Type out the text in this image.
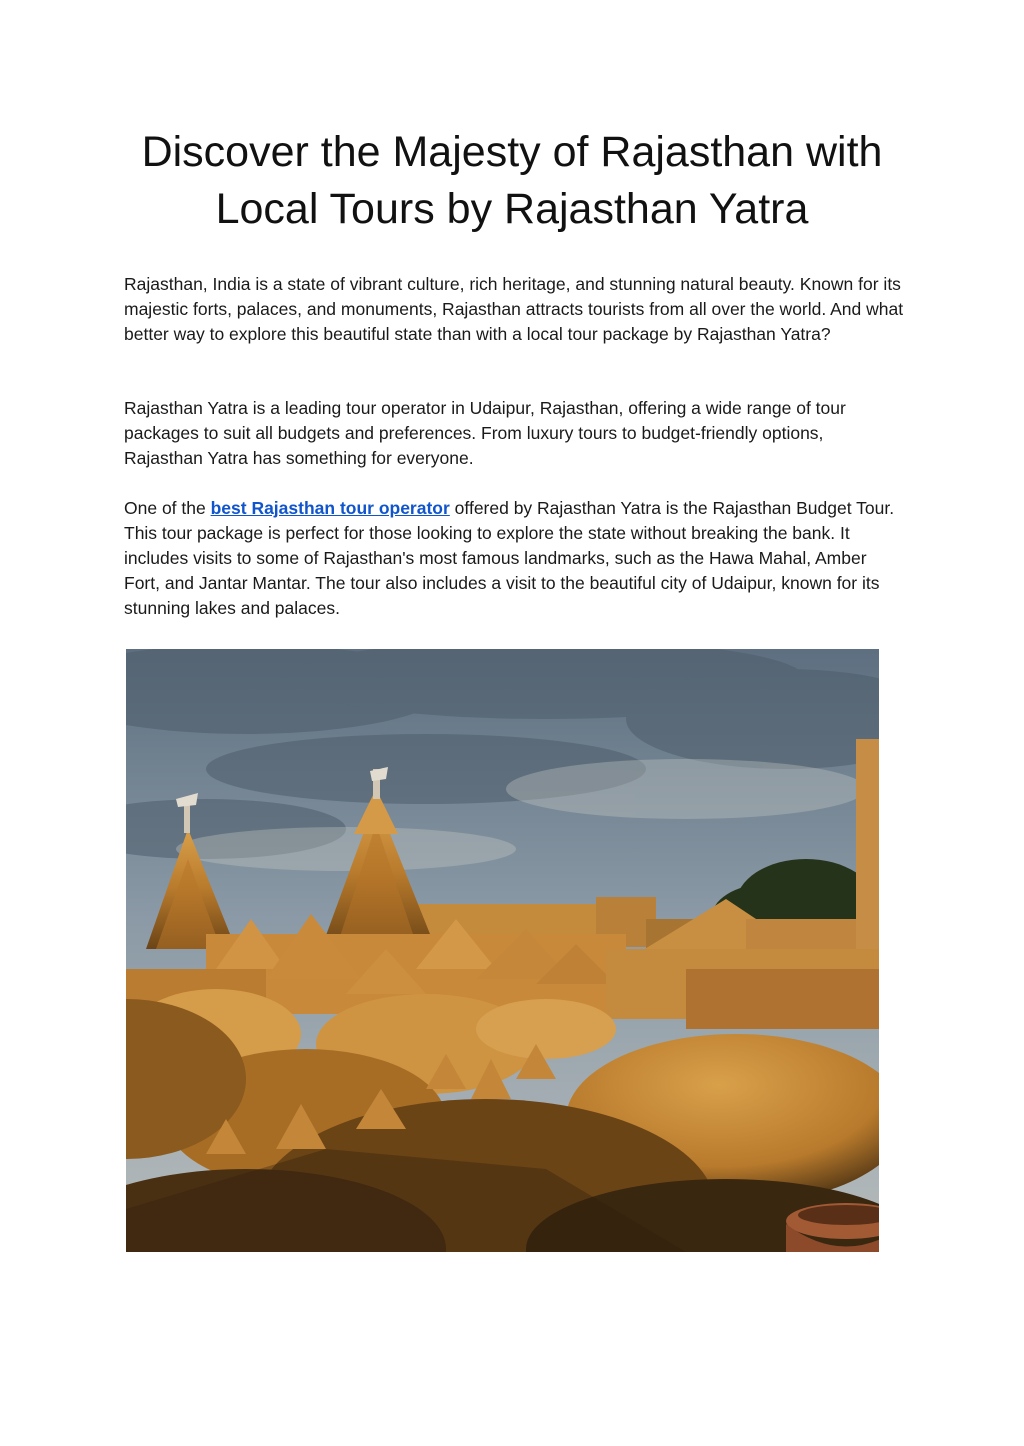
Discover the Majesty of Rajasthan with Local Tours by Rajasthan Yatra

Rajasthan, India is a state of vibrant culture, rich heritage, and stunning natural beauty. Known for its majestic forts, palaces, and monuments, Rajasthan attracts tourists from all over the world. And what better way to explore this beautiful state than with a local tour package by Rajasthan Yatra?

Rajasthan Yatra is a leading tour operator in Udaipur, Rajasthan, offering a wide range of tour packages to suit all budgets and preferences. From luxury tours to budget-friendly options, Rajasthan Yatra has something for everyone.

One of the best Rajasthan tour operator offered by Rajasthan Yatra is the Rajasthan Budget Tour. This tour package is perfect for those looking to explore the state without breaking the bank. It includes visits to some of Rajasthan's most famous landmarks, such as the Hawa Mahal, Amber Fort, and Jantar Mantar. The tour also includes a visit to the beautiful city of Udaipur, known for its stunning lakes and palaces.
